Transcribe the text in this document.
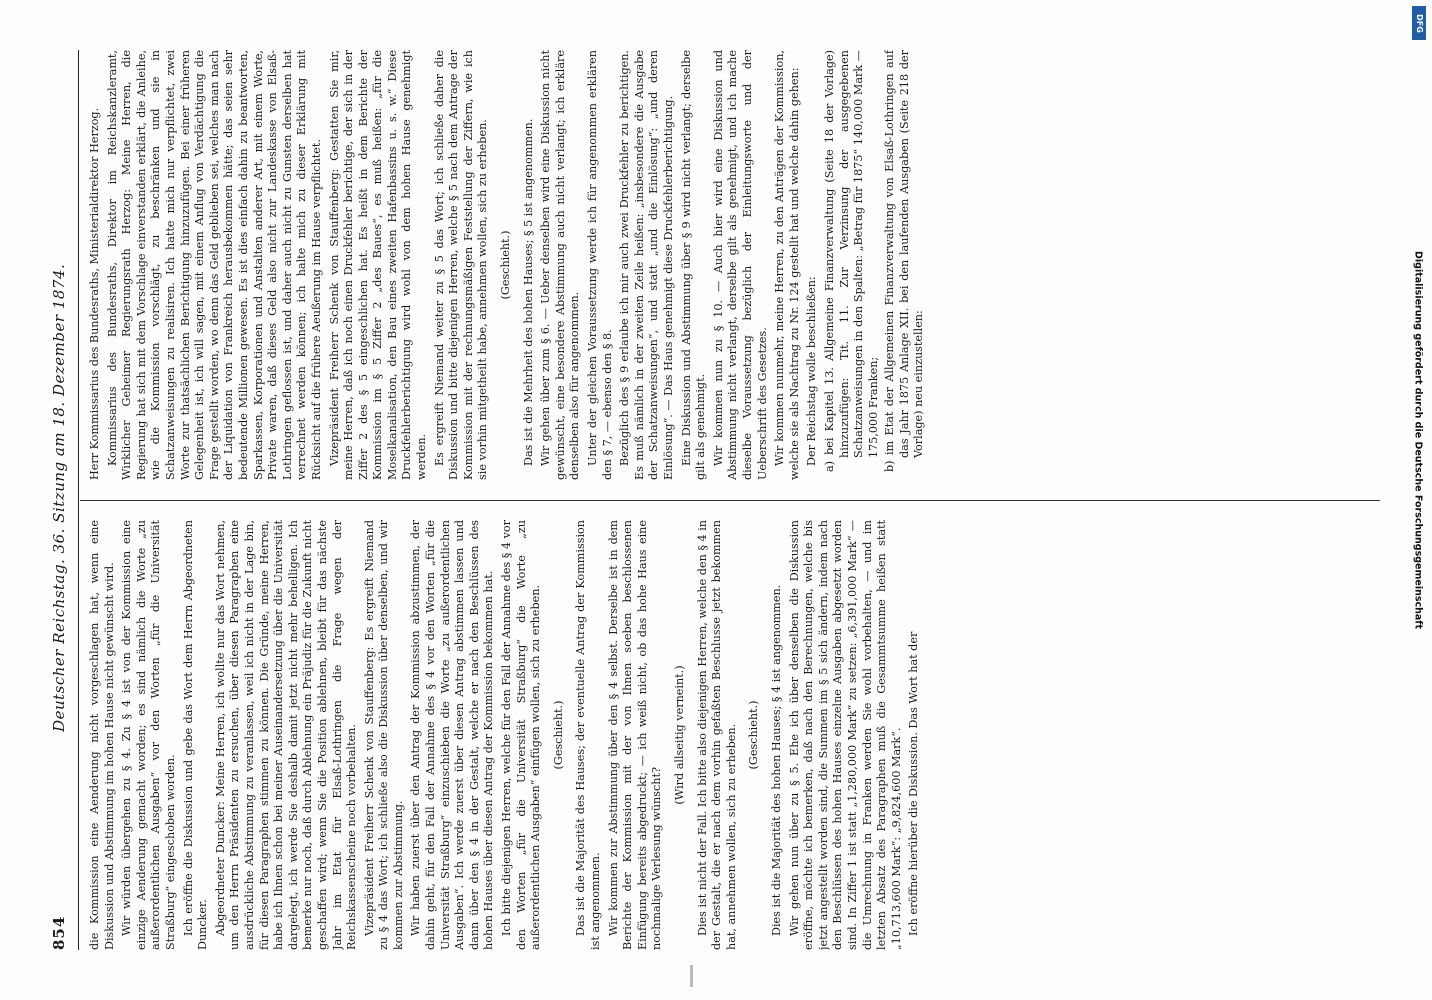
854
Deutscher Reichstag. 36. Sitzung am 18. Dezember 1874.

die Kommission eine Aenderung nicht vorgeschlagen hat, wenn eine Diskussion und Abstimmung im hohen Hause nicht gewünscht wird. Wir würden übergehen zu § 4. Zu § 4 ist von der Kommission eine einzige Aenderung gemacht worden; es sind nämlich die Worte „zu außerordentlichen Ausgaben“ vor den Worten „für die Universität Straßburg“ eingeschoben worden. Ich eröffne die Diskussion und gebe das Wort dem Herrn Abgeordneten Duncker. Abgeordneter Duncker: Meine Herren, ich wollte nur das Wort nehmen, um den Herrn Präsidenten zu ersuchen, über diesen Paragraphen eine ausdrückliche Abstimmung zu veranlassen, weil ich nicht in der Lage bin, für diesen Paragraphen stimmen zu können. Die Gründe, meine Herren, habe ich Ihnen schon bei meiner Auseinandersetzung über die Universität dargelegt, ich werde Sie deshalb damit jetzt nicht mehr behelligen. Ich bemerke nur noch, daß durch Ablehnung ein Präjudiz für die Zukunft nicht geschaffen wird; wenn Sie die Position ablehnen, bleibt für das nächste Jahr im Etat für Elsaß-Lothringen die Frage wegen der Reichskassenscheine noch vorbehalten. Vizepräsident Freiherr Schenk von Stauffenberg: Es ergreift Niemand zu § 4 das Wort; ich schließe also die Diskussion über denselben, und wir kommen zur Abstimmung. Wir haben zuerst über den Antrag der Kommission abzustimmen, der dahin geht, für den Fall der Annahme des § 4 vor den Worten „für die Universität Straßburg“ einzuschieben die Worte „zu außerordentlichen Ausgaben“. Ich werde zuerst über diesen Antrag abstimmen lassen und dann über den § 4 in der Gestalt, welche er nach den Beschlüssen des hohen Hauses über diesen Antrag der Kommission bekommen hat. Ich bitte diejenigen Herren, welche für den Fall der Annahme des § 4 vor den Worten „für die Universität Straßburg“ die Worte „zu außerordentlichen Ausgaben“ einfügen wollen, sich zu erheben. (Geschieht.) Das ist die Majorität des Hauses; der eventuelle Antrag der Kommission ist angenommen. Wir kommen zur Abstimmung über den § 4 selbst. Derselbe ist in dem Berichte der Kommission mit der von Ihnen soeben beschlossenen Einfügung bereits abgedruckt; — ich weiß nicht, ob das hohe Haus eine nochmalige Verlesung wünscht?

(Wird allseitig verneint.) Dies ist nicht der Fall. Ich bitte also diejenigen Herren, welche den § 4 in der Gestalt, die er nach dem vorhin gefaßten Beschlusse jetzt bekommen hat, annehmen wollen, sich zu erheben. (Geschieht.) Dies ist die Majorität des hohen Hauses; § 4 ist angenommen. Wir gehen nun über zu § 5. Ehe ich über denselben die Diskussion eröffne, möchte ich bemerken, daß nach den Berechnungen, welche bis jetzt angestellt worden sind, die Summen im § 5 sich ändern, indem nach den Beschlüssen des hohen Hauses einzelne Ausgaben abgesetzt worden sind. In Ziffer 1 ist statt „1,280,000 Mark“ zu setzen: „6,391,000 Mark“ — die Umrechnung in Franken werden Sie wohl vorbehalten, — und im letzten Absatz des Paragraphen muß die Gesammtsumme heißen statt „10,713,600 Mark“: „9,824,600 Mark“. Ich eröffne hierüber die Diskussion. Das Wort hat der

Herr Kommissarius des Bundesraths, Ministerialdirektor Herzog. Kommissarius des Bundesraths, Direktor im Reichskanzleramt, Wirklicher Geheimer Regierungsrath Herzog: Meine Herren, die Regierung hat sich mit dem Vorschlage einverstanden erklärt, die Anleihe, wie die Kommission vorschlägt, zu beschränken und sie in Schatzanweisungen zu realisiren. Ich hatte mich nur verpflichtet, zwei Worte zur thatsächlichen Berichtigung hinzuzufügen. Bei einer früheren Gelegenheit ist, ich will sagen, mit einem Anflug von Verdächtigung die Frage gestellt worden, wo denn das Geld geblieben sei, welches man nach der Liquidation von Frankreich herausbekommen hätte; das seien sehr bedeutende Millionen gewesen. Es ist dies einfach dahin zu beantworten, Sparkassen, Korporationen und Anstalten anderer Art, mit einem Worte, Private waren, daß dieses Geld also nicht zur Landeskasse von Elsaß-Lothringen geflossen ist, und daher auch nicht zu Gunsten derselben hat verrechnet werden können; ich halte mich zu dieser Erklärung mit Rücksicht auf die frühere Aeußerung im Hause verpflichtet. Vizepräsident Freiherr Schenk von Stauffenberg: Gestatten Sie mir, meine Herren, daß ich noch einen Druckfehler berichtige, der sich in der Ziffer 2 des § 5 eingeschlichen hat. Es heißt in dem Berichte der Kommission im § 5 Ziffer 2 „des Baues“, es muß heißen: „für die Moselkanalisation, den Bau eines zweiten Hafenbassins u. s. w.“ Diese Druckfehlerberichtigung wird wohl von dem hohen Hause genehmigt werden. Es ergreift Niemand weiter zu § 5 das Wort; ich schließe daher die Diskussion und bitte diejenigen Herren, welche § 5 nach dem Antrage der Kommission mit der rechnungsmäßigen Feststellung der Ziffern, wie ich sie vorhin mitgetheilt habe, annehmen wollen, sich zu erheben. (Geschieht.) Das ist die Mehrheit des hohen Hauses; § 5 ist angenommen. Wir gehen über zum § 6. — Ueber denselben wird eine Diskussion nicht gewünscht, eine besondere Abstimmung auch nicht verlangt; ich erkläre denselben also für angenommen. Unter der gleichen Voraussetzung werde ich für angenommen erklären den § 7, — ebenso den § 8. Bezüglich des § 9 erlaube ich mir auch zwei Druckfehler zu berichtigen. Es muß nämlich in der zweiten Zeile heißen: „insbesondere die Ausgabe der Schatzanweisungen“, und statt „und die Einlösung“: „und deren Einlösung“. — Das Haus genehmigt diese Druckfehlerberichtigung. Eine Diskussion und Abstimmung über § 9 wird nicht verlangt; derselbe gilt als genehmigt. Wir kommen nun zu § 10. — Auch hier wird eine Diskussion und Abstimmung nicht verlangt, derselbe gilt als genehmigt, und ich mache dieselbe Voraussetzung bezüglich der Einleitungsworte und der Ueberschrift des Gesetzes. Wir kommen nunmehr, meine Herren, zu den Anträgen der Kommission, welche sie als Nachtrag zu Nr. 124 gestellt hat und welche dahin gehen: Der Reichstag wolle beschließen: a) bei Kapitel 13. Allgemeine Finanzverwaltung (Seite 18 der Vorlage) hinzuzufügen: Tit. 11. Zur Verzinsung der ausgegebenen Schatzanweisungen in den Spalten: „Betrag für 1875“ 140,000 Mark — 175,000 Franken; b) im Etat der Allgemeinen Finanzverwaltung von Elsaß-Lothringen auf das Jahr 1875 Anlage XII. bei den laufenden Ausgaben (Seite 218 der Vorlage) neu einzustellen:

DFG
Digitalisierung gefördert durch die Deutsche Forschungsgemeinschaft
